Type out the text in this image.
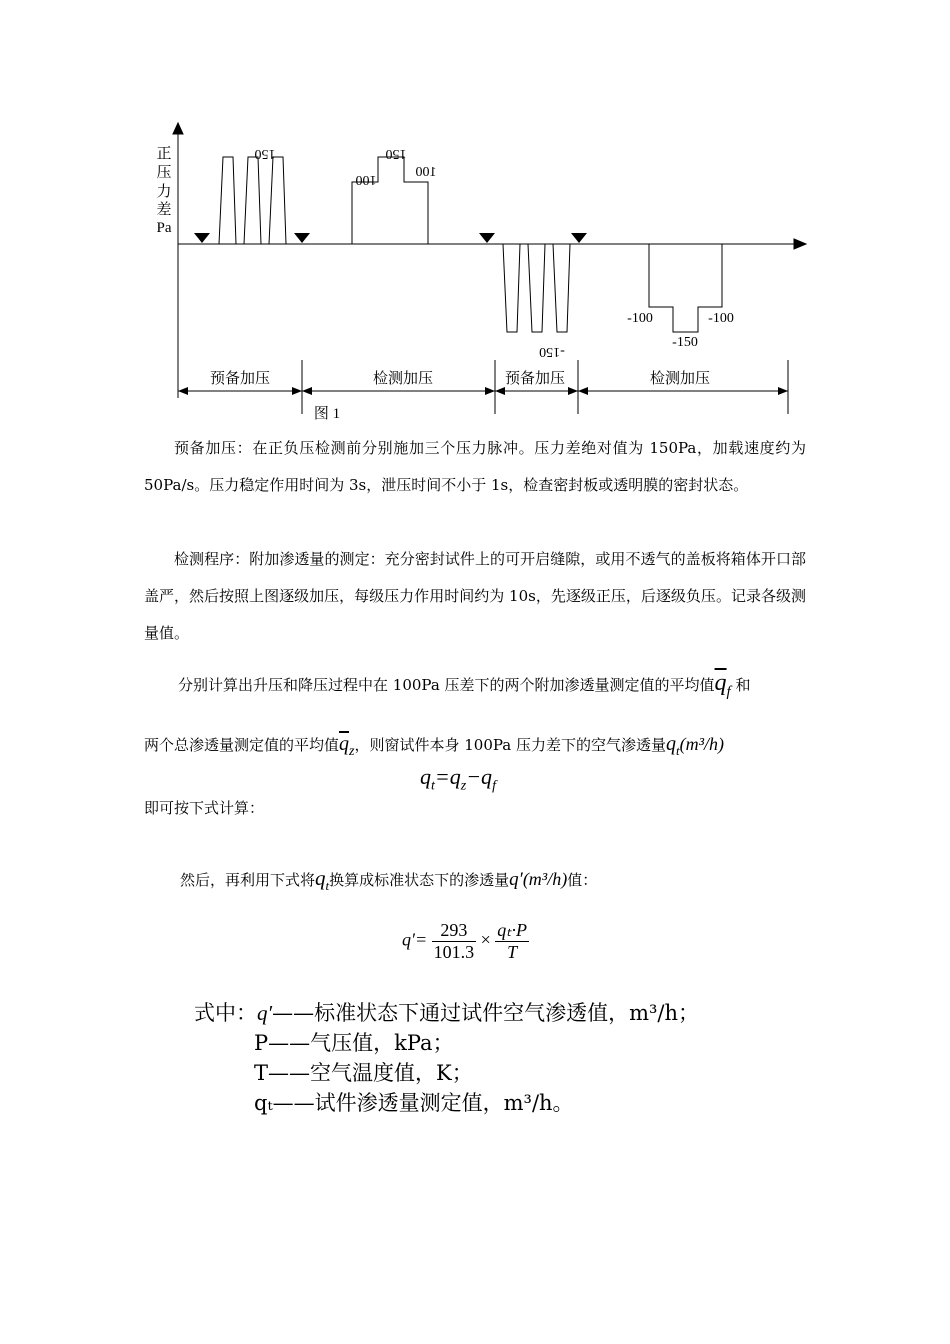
正
压
力
差
Pa
150	150
100	100
-150
-100	-100
-150
预备加压	检测加压	预备加压	检测加压
图 1

预备加压：在正负压检测前分别施加三个压力脉冲。压力差绝对值为 150Pa，加载速度约为 50Pa/s。压力稳定作用时间为 3s，泄压时间不小于 1s，检查密封板或透明膜的密封状态。

检测程序：附加渗透量的测定：充分密封试件上的可开启缝隙，或用不透气的盖板将箱体开口部盖严，然后按照上图逐级加压，每级压力作用时间约为 10s，先逐级正压，后逐级负压。记录各级测量值。

分别计算出升压和降压过程中在 100Pa 压差下的两个附加渗透量测定值的平均值$\overline{q}_f$ 和
两个总渗透量测定值的平均值$\overline{q}_z$，则窗试件本身 100Pa 压力差下的空气渗透量$q_t(m^3/h)$
$q_t=q_z-q_f$
即可按下式计算：
然后，再利用下式将$q_t$换算成标准状态下的渗透量q′(m³/h)值：
$q'= \frac{293}{101.3} \times \frac{\text{qₜ·P}}{T}$
式中：q′——标准状态下通过试件空气渗透值，m³/h；
P——气压值，kPa；
T——空气温度值，K；
qₜ——试件渗透量测定值，m³/h。
